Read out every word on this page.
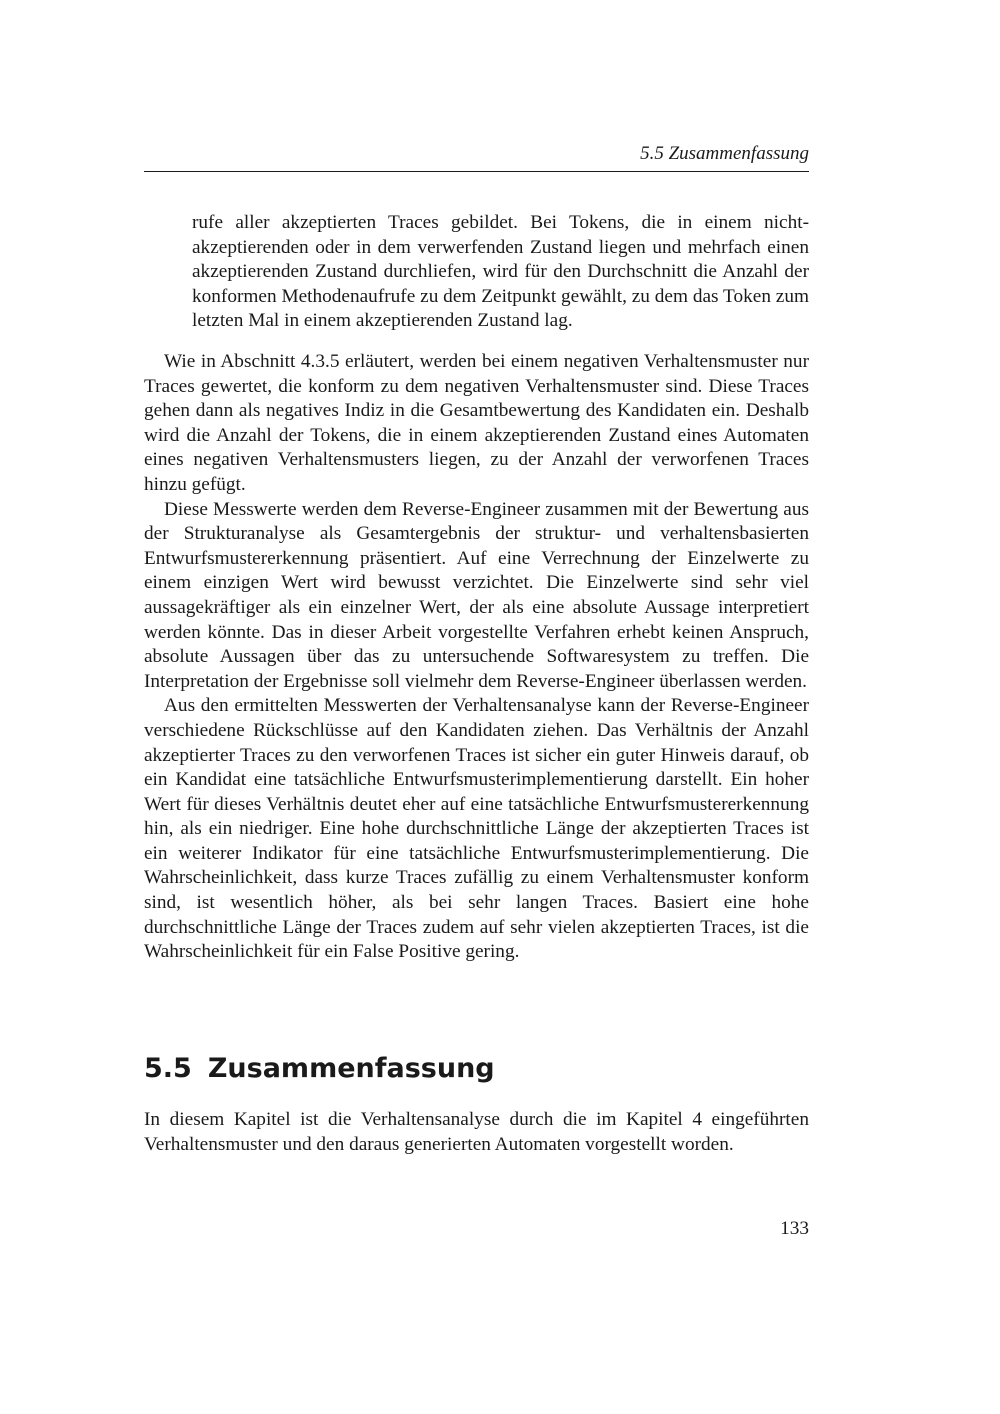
5.5 Zusammenfassung

rufe aller akzeptierten Traces gebildet. Bei Tokens, die in einem nichtakzeptierenden oder in dem verwerfenden Zustand liegen und mehrfach einen akzeptierenden Zustand durchliefen, wird für den Durchschnitt die Anzahl der konformen Methodenaufrufe zu dem Zeitpunkt gewählt, zu dem das Token zum letzten Mal in einem akzeptierenden Zustand lag.

Wie in Abschnitt 4.3.5 erläutert, werden bei einem negativen Verhaltensmuster nur Traces gewertet, die konform zu dem negativen Verhaltensmuster sind. Diese Traces gehen dann als negatives Indiz in die Gesamtbewertung des Kandidaten ein. Deshalb wird die Anzahl der Tokens, die in einem akzeptierenden Zustand eines Automaten eines negativen Verhaltensmusters liegen, zu der Anzahl der verworfenen Traces hinzu gefügt.

Diese Messwerte werden dem Reverse-Engineer zusammen mit der Bewertung aus der Strukturanalyse als Gesamtergebnis der struktur- und verhaltensbasierten Entwurfsmustererkennung präsentiert. Auf eine Verrechnung der Einzelwerte zu einem einzigen Wert wird bewusst verzichtet. Die Einzelwerte sind sehr viel aussagekräftiger als ein einzelner Wert, der als eine absolute Aussage interpretiert werden könnte. Das in dieser Arbeit vorgestellte Verfahren erhebt keinen Anspruch, absolute Aussagen über das zu untersuchende Softwaresystem zu treffen. Die Interpretation der Ergebnisse soll vielmehr dem Reverse-Engineer überlassen werden.

Aus den ermittelten Messwerten der Verhaltensanalyse kann der Reverse-Engineer verschiedene Rückschlüsse auf den Kandidaten ziehen. Das Verhältnis der Anzahl akzeptierter Traces zu den verworfenen Traces ist sicher ein guter Hinweis darauf, ob ein Kandidat eine tatsächliche Entwurfsmusterimplementierung darstellt. Ein hoher Wert für dieses Verhältnis deutet eher auf eine tatsächliche Entwurfsmustererkennung hin, als ein niedriger. Eine hohe durchschnittliche Länge der akzeptierten Traces ist ein weiterer Indikator für eine tatsächliche Entwurfsmusterimplementierung. Die Wahrscheinlichkeit, dass kurze Traces zufällig zu einem Verhaltensmuster konform sind, ist wesentlich höher, als bei sehr langen Traces. Basiert eine hohe durchschnittliche Länge der Traces zudem auf sehr vielen akzeptierten Traces, ist die Wahrscheinlichkeit für ein False Positive gering.

5.5 Zusammenfassung

In diesem Kapitel ist die Verhaltensanalyse durch die im Kapitel 4 eingeführten Verhaltensmuster und den daraus generierten Automaten vorgestellt worden.

133
